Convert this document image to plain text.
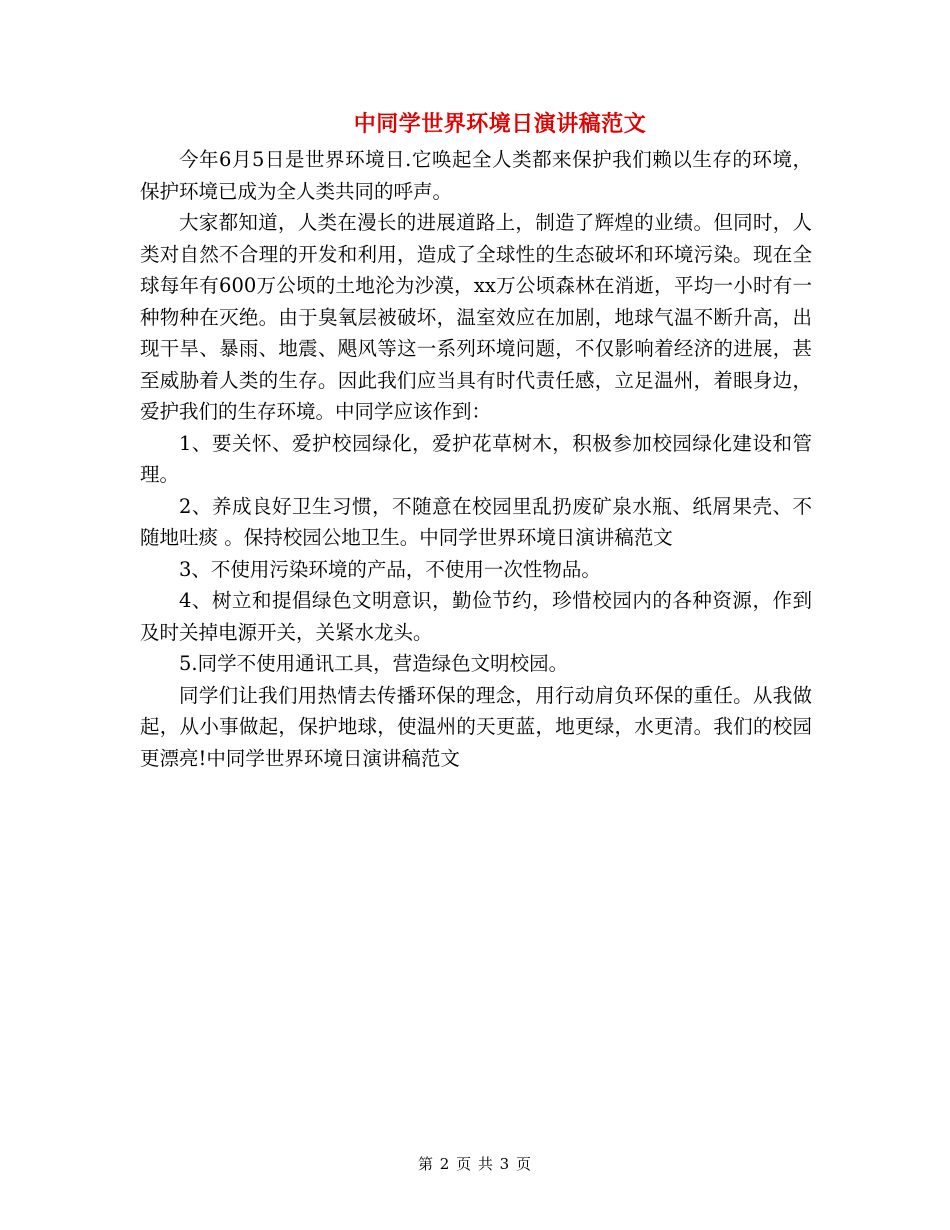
中同学世界环境日演讲稿范文

今年6月5日是世界环境日.它唤起全人类都来保护我们赖以生存的环境，保护环境已成为全人类共同的呼声。

大家都知道，人类在漫长的进展道路上，制造了辉煌的业绩。但同时，人类对自然不合理的开发和利用，造成了全球性的生态破坏和环境污染。现在全球每年有600万公顷的土地沦为沙漠，xx万公顷森林在消逝，平均一小时有一种物种在灭绝。由于臭氧层被破坏，温室效应在加剧，地球气温不断升高，出现干旱、暴雨、地震、飓风等这一系列环境问题，不仅影响着经济的进展，甚至威胁着人类的生存。因此我们应当具有时代责任感，立足温州，着眼身边，爱护我们的生存环境。中同学应该作到：

1、要关怀、爱护校园绿化，爱护花草树木，积极参加校园绿化建设和管理。

2、养成良好卫生习惯，不随意在校园里乱扔废矿泉水瓶、纸屑果壳、不随地吐痰 。保持校园公地卫生。中同学世界环境日演讲稿范文

3、不使用污染环境的产品，不使用一次性物品。

4、树立和提倡绿色文明意识，勤俭节约，珍惜校园内的各种资源，作到及时关掉电源开关，关紧水龙头。

5.同学不使用通讯工具，营造绿色文明校园。

同学们让我们用热情去传播环保的理念，用行动肩负环保的重任。从我做起，从小事做起，保护地球，使温州的天更蓝，地更绿，水更清。我们的校园更漂亮!中同学世界环境日演讲稿范文

第 2 页 共 3 页
